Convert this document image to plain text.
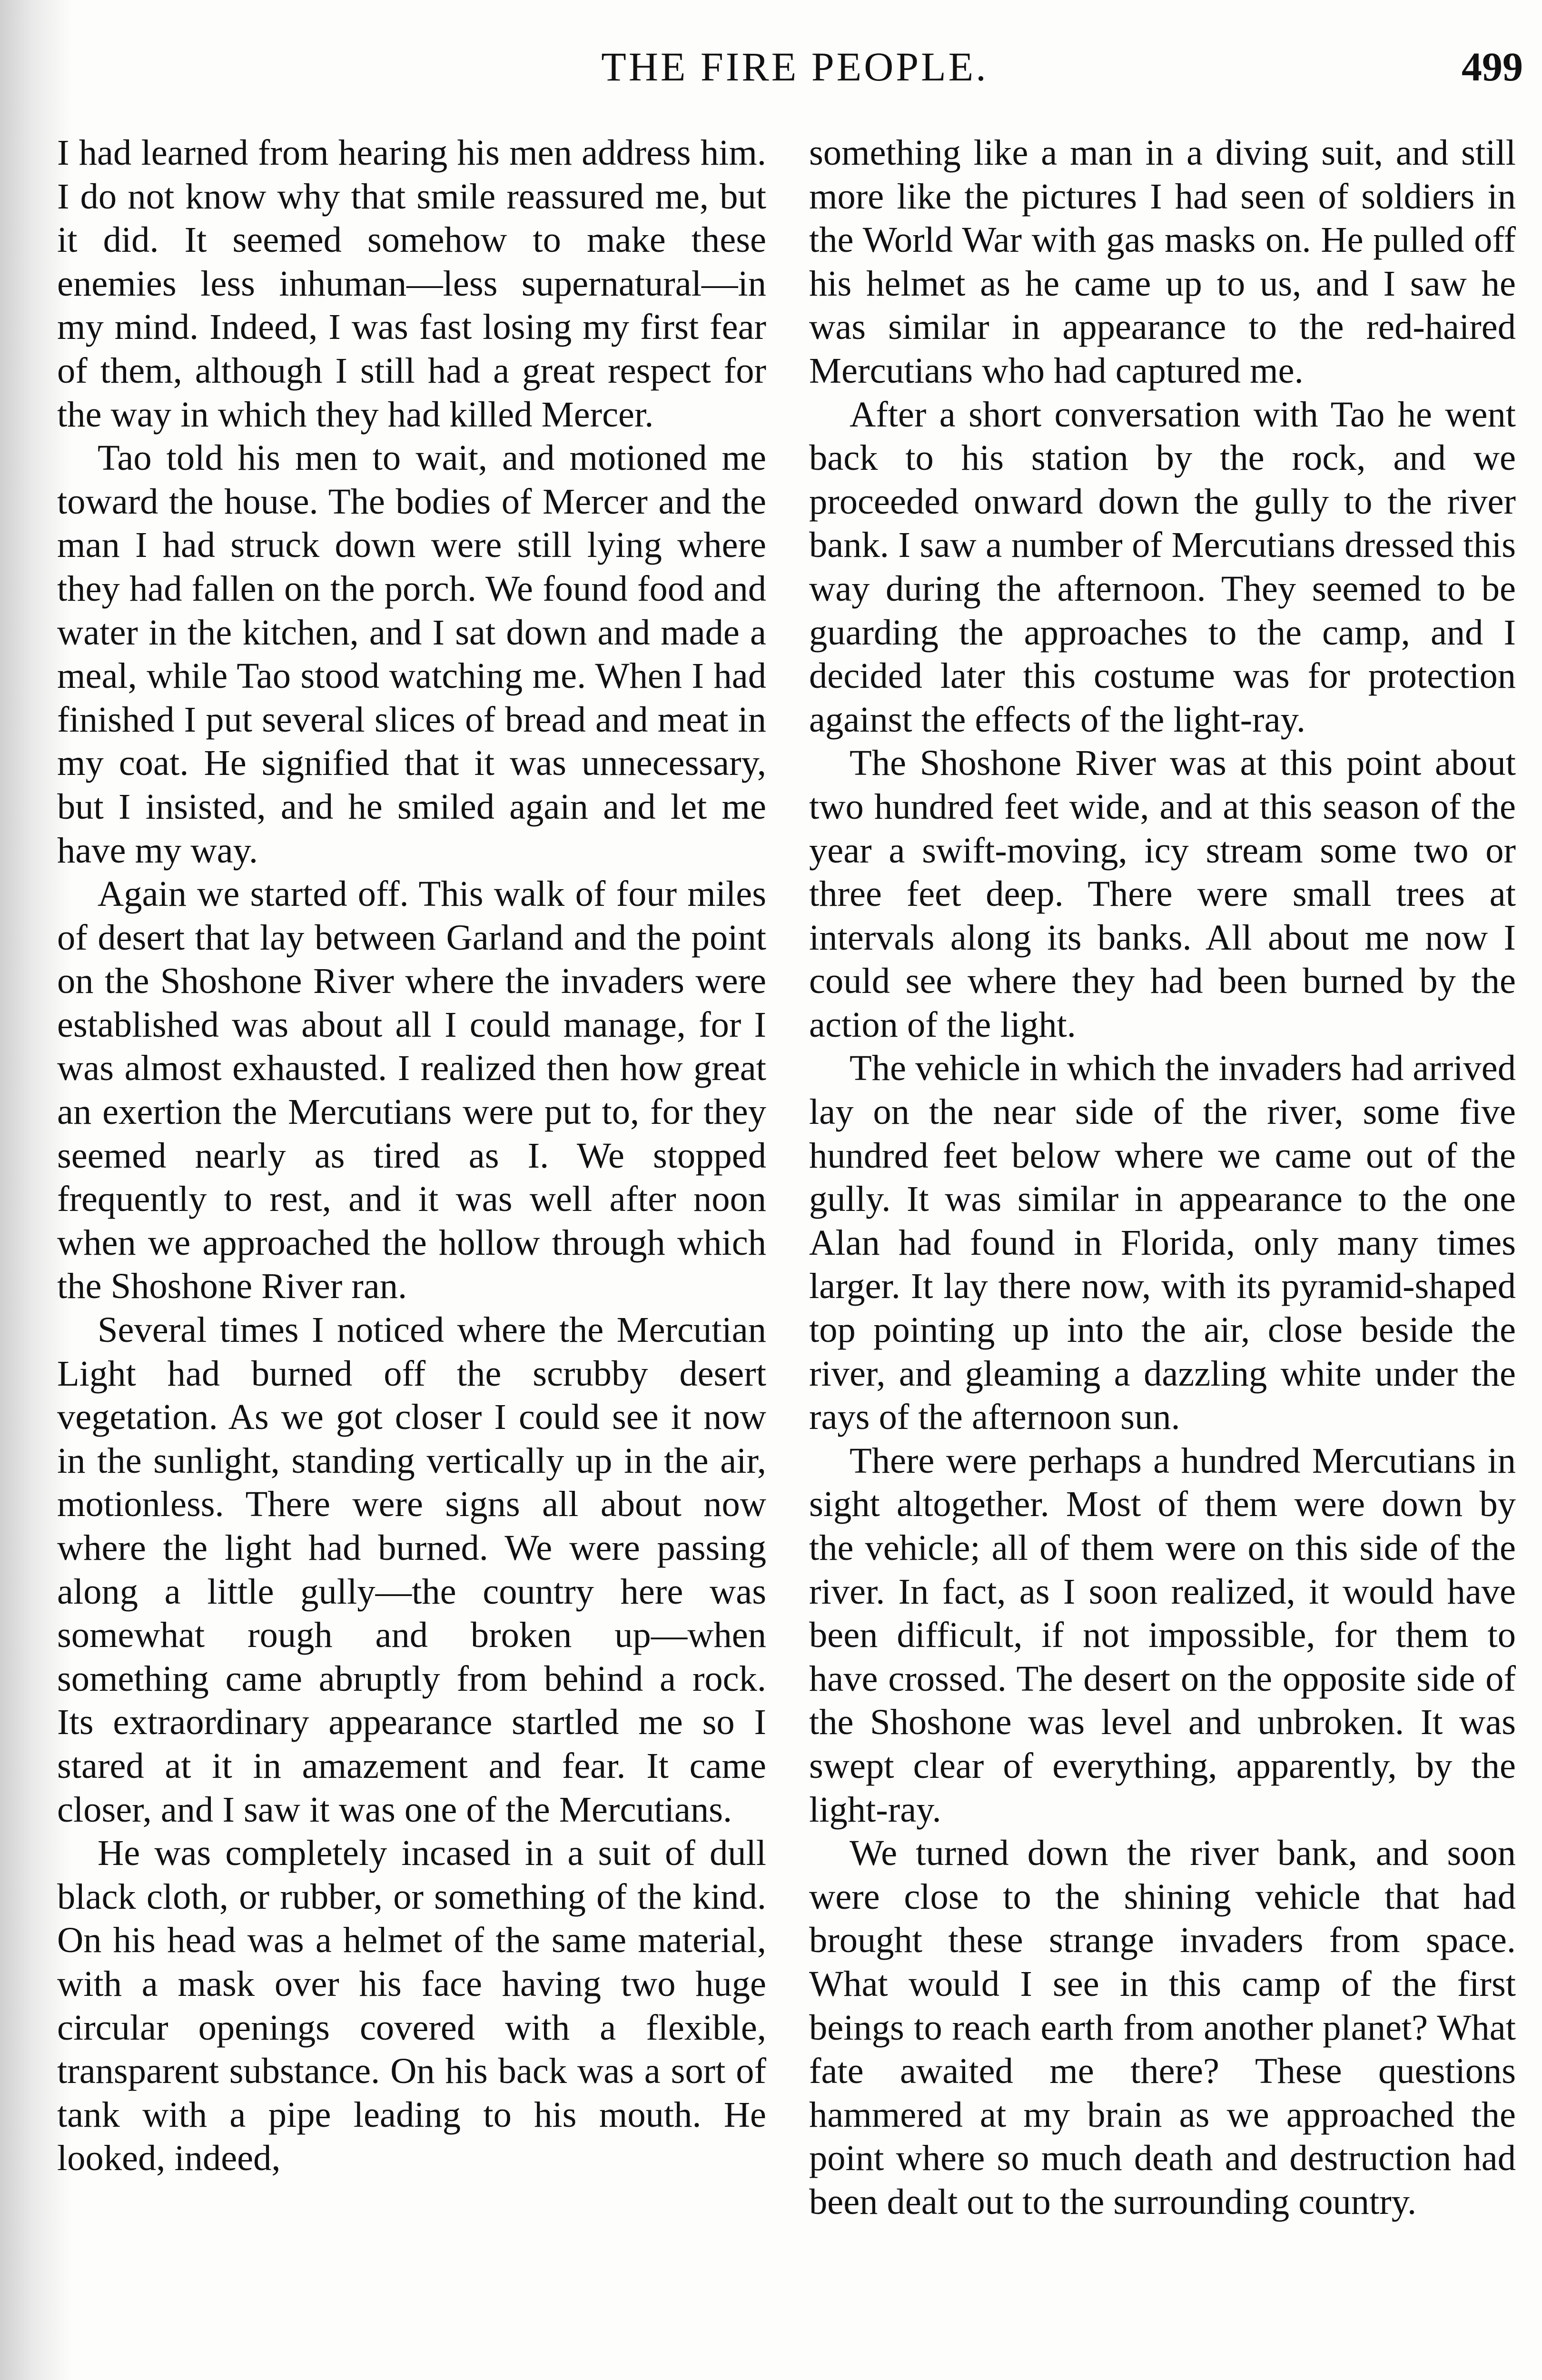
THE FIRE PEOPLE.	499

I had learned from hearing his men address him. I do not know why that smile reassured me, but it did. It seemed somehow to make these enemies less inhuman—less supernatural—in my mind. Indeed, I was fast losing my first fear of them, although I still had a great respect for the way in which they had killed Mercer.

Tao told his men to wait, and motioned me toward the house. The bodies of Mercer and the man I had struck down were still lying where they had fallen on the porch. We found food and water in the kitchen, and I sat down and made a meal, while Tao stood watching me. When I had finished I put several slices of bread and meat in my coat. He signified that it was unnecessary, but I insisted, and he smiled again and let me have my way.

Again we started off. This walk of four miles of desert that lay between Garland and the point on the Shoshone River where the invaders were established was about all I could manage, for I was almost exhausted. I realized then how great an exertion the Mercutians were put to, for they seemed nearly as tired as I. We stopped frequently to rest, and it was well after noon when we approached the hollow through which the Shoshone River ran.

Several times I noticed where the Mercutian Light had burned off the scrubby desert vegetation. As we got closer I could see it now in the sunlight, standing vertically up in the air, motionless. There were signs all about now where the light had burned. We were passing along a little gully—the country here was somewhat rough and broken up—when something came abruptly from behind a rock. Its extraordinary appearance startled me so I stared at it in amazement and fear. It came closer, and I saw it was one of the Mercutians.

He was completely incased in a suit of dull black cloth, or rubber, or something of the kind. On his head was a helmet of the same material, with a mask over his face having two huge circular openings covered with a flexible, transparent substance. On his back was a sort of tank with a pipe leading to his mouth. He looked, indeed,

something like a man in a diving suit, and still more like the pictures I had seen of soldiers in the World War with gas masks on. He pulled off his helmet as he came up to us, and I saw he was similar in appearance to the red-haired Mercutians who had captured me.

After a short conversation with Tao he went back to his station by the rock, and we proceeded onward down the gully to the river bank. I saw a number of Mercutians dressed this way during the afternoon. They seemed to be guarding the approaches to the camp, and I decided later this costume was for protection against the effects of the light-ray.

The Shoshone River was at this point about two hundred feet wide, and at this season of the year a swift-moving, icy stream some two or three feet deep. There were small trees at intervals along its banks. All about me now I could see where they had been burned by the action of the light.

The vehicle in which the invaders had arrived lay on the near side of the river, some five hundred feet below where we came out of the gully. It was similar in appearance to the one Alan had found in Florida, only many times larger. It lay there now, with its pyramid-shaped top pointing up into the air, close beside the river, and gleaming a dazzling white under the rays of the afternoon sun.

There were perhaps a hundred Mercutians in sight altogether. Most of them were down by the vehicle; all of them were on this side of the river. In fact, as I soon realized, it would have been difficult, if not impossible, for them to have crossed. The desert on the opposite side of the Shoshone was level and unbroken. It was swept clear of everything, apparently, by the light-ray.

We turned down the river bank, and soon were close to the shining vehicle that had brought these strange invaders from space. What would I see in this camp of the first beings to reach earth from another planet? What fate awaited me there? These questions hammered at my brain as we approached the point where so much death and destruction had been dealt out to the surrounding country.
